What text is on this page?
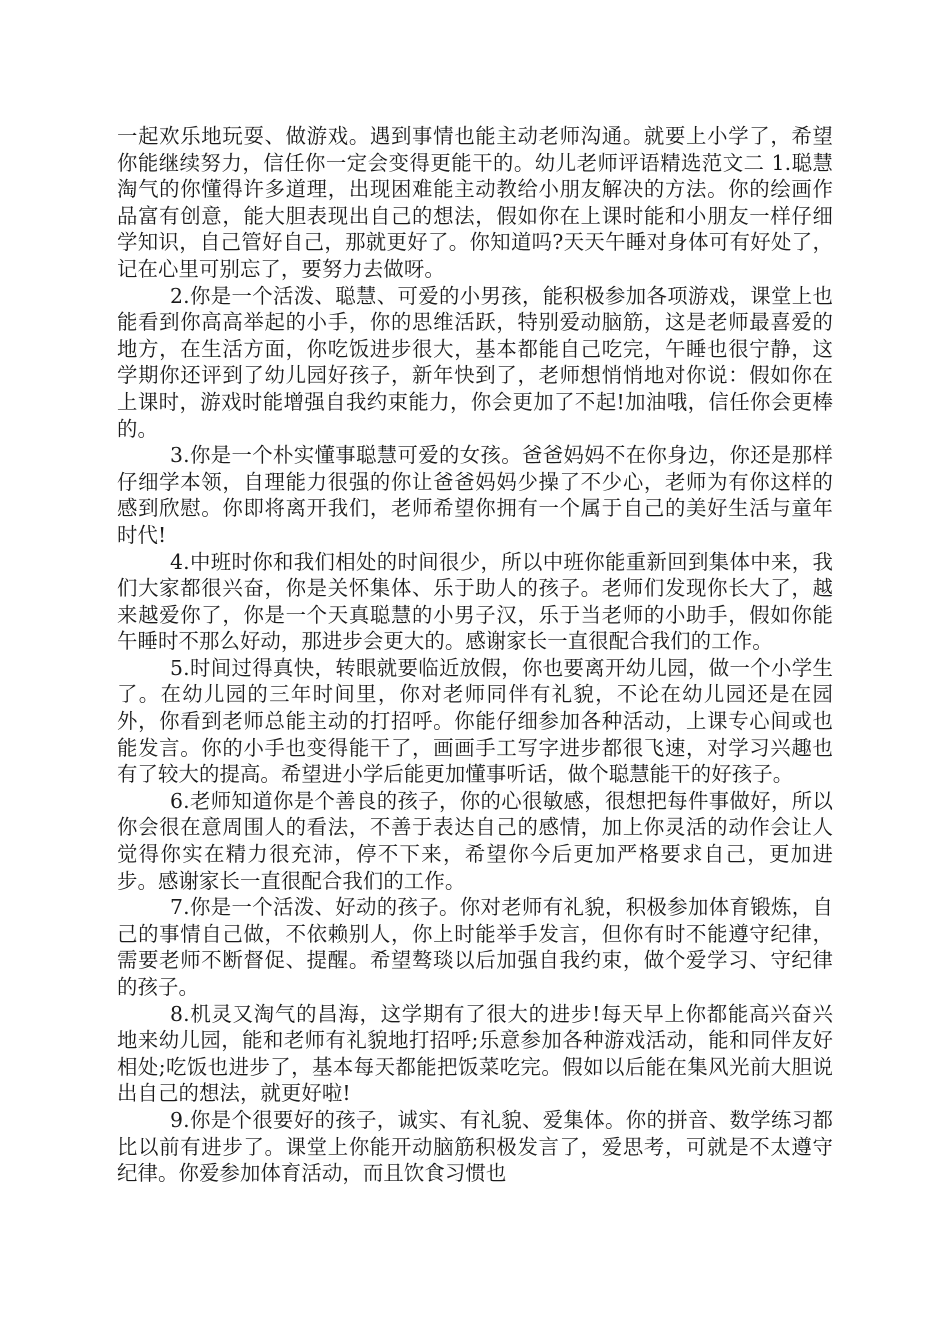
一起欢乐地玩耍、做游戏。遇到事情也能主动老师沟通。就要上小学了，希望你能继续努力，信任你一定会变得更能干的。幼儿老师评语精选范文二 1.聪慧淘气的你懂得许多道理，出现困难能主动教给小朋友解决的方法。你的绘画作品富有创意，能大胆表现出自己的想法，假如你在上课时能和小朋友一样仔细学知识，自己管好自己，那就更好了。你知道吗?天天午睡对身体可有好处了，记在心里可别忘了，要努力去做呀。

2.你是一个活泼、聪慧、可爱的小男孩，能积极参加各项游戏，课堂上也能看到你高高举起的小手，你的思维活跃，特别爱动脑筋，这是老师最喜爱的地方，在生活方面，你吃饭进步很大，基本都能自己吃完，午睡也很宁静，这学期你还评到了幼儿园好孩子，新年快到了，老师想悄悄地对你说：假如你在上课时，游戏时能增强自我约束能力，你会更加了不起!加油哦，信任你会更棒的。

3.你是一个朴实懂事聪慧可爱的女孩。爸爸妈妈不在你身边，你还是那样仔细学本领，自理能力很强的你让爸爸妈妈少操了不少心，老师为有你这样的感到欣慰。你即将离开我们，老师希望你拥有一个属于自己的美好生活与童年时代!

4.中班时你和我们相处的时间很少，所以中班你能重新回到集体中来，我们大家都很兴奋，你是关怀集体、乐于助人的孩子。老师们发现你长大了，越来越爱你了，你是一个天真聪慧的小男子汉，乐于当老师的小助手，假如你能午睡时不那么好动，那进步会更大的。感谢家长一直很配合我们的工作。

5.时间过得真快，转眼就要临近放假，你也要离开幼儿园，做一个小学生了。在幼儿园的三年时间里，你对老师同伴有礼貌，不论在幼儿园还是在园外，你看到老师总能主动的打招呼。你能仔细参加各种活动，上课专心间或也能发言。你的小手也变得能干了，画画手工写字进步都很飞速，对学习兴趣也有了较大的提高。希望进小学后能更加懂事听话，做个聪慧能干的好孩子。

6.老师知道你是个善良的孩子，你的心很敏感，很想把每件事做好，所以你会很在意周围人的看法，不善于表达自己的感情，加上你灵活的动作会让人觉得你实在精力很充沛，停不下来，希望你今后更加严格要求自己，更加进步。感谢家长一直很配合我们的工作。

7.你是一个活泼、好动的孩子。你对老师有礼貌，积极参加体育锻炼，自己的事情自己做，不依赖别人，你上时能举手发言，但你有时不能遵守纪律，需要老师不断督促、提醒。希望骜琰以后加强自我约束，做个爱学习、守纪律的孩子。

8.机灵又淘气的昌海，这学期有了很大的进步!每天早上你都能高兴奋兴地来幼儿园，能和老师有礼貌地打招呼;乐意参加各种游戏活动，能和同伴友好相处;吃饭也进步了，基本每天都能把饭菜吃完。假如以后能在集风光前大胆说出自己的想法，就更好啦!

9.你是个很要好的孩子，诚实、有礼貌、爱集体。你的拼音、数学练习都比以前有进步了。课堂上你能开动脑筋积极发言了，爱思考，可就是不太遵守纪律。你爱参加体育活动，而且饮食习惯也
